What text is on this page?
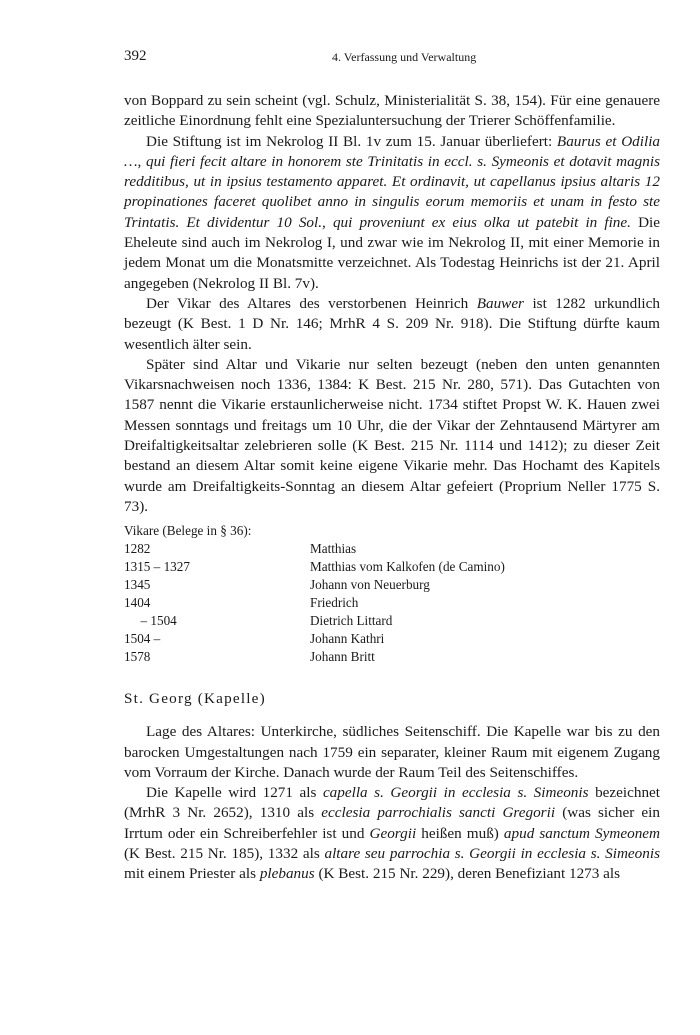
392	4. Verfassung und Verwaltung

von Boppard zu sein scheint (vgl. Schulz, Ministerialität S. 38, 154). Für eine genauere zeitliche Einordnung fehlt eine Spezialuntersuchung der Trierer Schöffenfamilie.

Die Stiftung ist im Nekrolog II Bl. 1v zum 15. Januar überliefert: Baurus et Odilia …, qui fieri fecit altare in honorem ste Trinitatis in eccl. s. Symeonis et dotavit magnis redditibus, ut in ipsius testamento apparet. Et ordinavit, ut capellanus ipsius altaris 12 propinationes faceret quolibet anno in singulis eorum memoriis et unam in festo ste Trintatis. Et dividentur 10 Sol., qui proveniunt ex eius olka ut patebit in fine. Die Eheleute sind auch im Nekrolog I, und zwar wie im Nekrolog II, mit einer Memorie in jedem Monat um die Monatsmitte verzeichnet. Als Todestag Heinrichs ist der 21. April angegeben (Nekrolog II Bl. 7v).

Der Vikar des Altares des verstorbenen Heinrich Bauwer ist 1282 urkundlich bezeugt (K Best. 1 D Nr. 146; MrhR 4 S. 209 Nr. 918). Die Stiftung dürfte kaum wesentlich älter sein.

Später sind Altar und Vikarie nur selten bezeugt (neben den unten genannten Vikarsnachweisen noch 1336, 1384: K Best. 215 Nr. 280, 571). Das Gutachten von 1587 nennt die Vikarie erstaunlicherweise nicht. 1734 stiftet Propst W. K. Hauen zwei Messen sonntags und freitags um 10 Uhr, die der Vikar der Zehntausend Märtyrer am Dreifaltigkeitsaltar zelebrieren solle (K Best. 215 Nr. 1114 und 1412); zu dieser Zeit bestand an diesem Altar somit keine eigene Vikarie mehr. Das Hochamt des Kapitels wurde am Dreifaltigkeits-Sonntag an diesem Altar gefeiert (Proprium Neller 1775 S. 73).

Vikare (Belege in § 36):
1282	Matthias
1315 – 1327	Matthias vom Kalkofen (de Camino)
1345	Johann von Neuerburg
1404	Friedrich
– 1504	Dietrich Littard
1504 –	Johann Kathri
1578	Johann Britt
St. Georg (Kapelle)

Lage des Altares: Unterkirche, südliches Seitenschiff. Die Kapelle war bis zu den barocken Umgestaltungen nach 1759 ein separater, kleiner Raum mit eigenem Zugang vom Vorraum der Kirche. Danach wurde der Raum Teil des Seitenschiffes.

Die Kapelle wird 1271 als capella s. Georgii in ecclesia s. Simeonis bezeichnet (MrhR 3 Nr. 2652), 1310 als ecclesia parrochialis sancti Gregorii (was sicher ein Irrtum oder ein Schreiberfehler ist und Georgii heißen muß) apud sanctum Symeonem (K Best. 215 Nr. 185), 1332 als altare seu parrochia s. Georgii in ecclesia s. Simeonis mit einem Priester als plebanus (K Best. 215 Nr. 229), deren Benefiziant 1273 als
